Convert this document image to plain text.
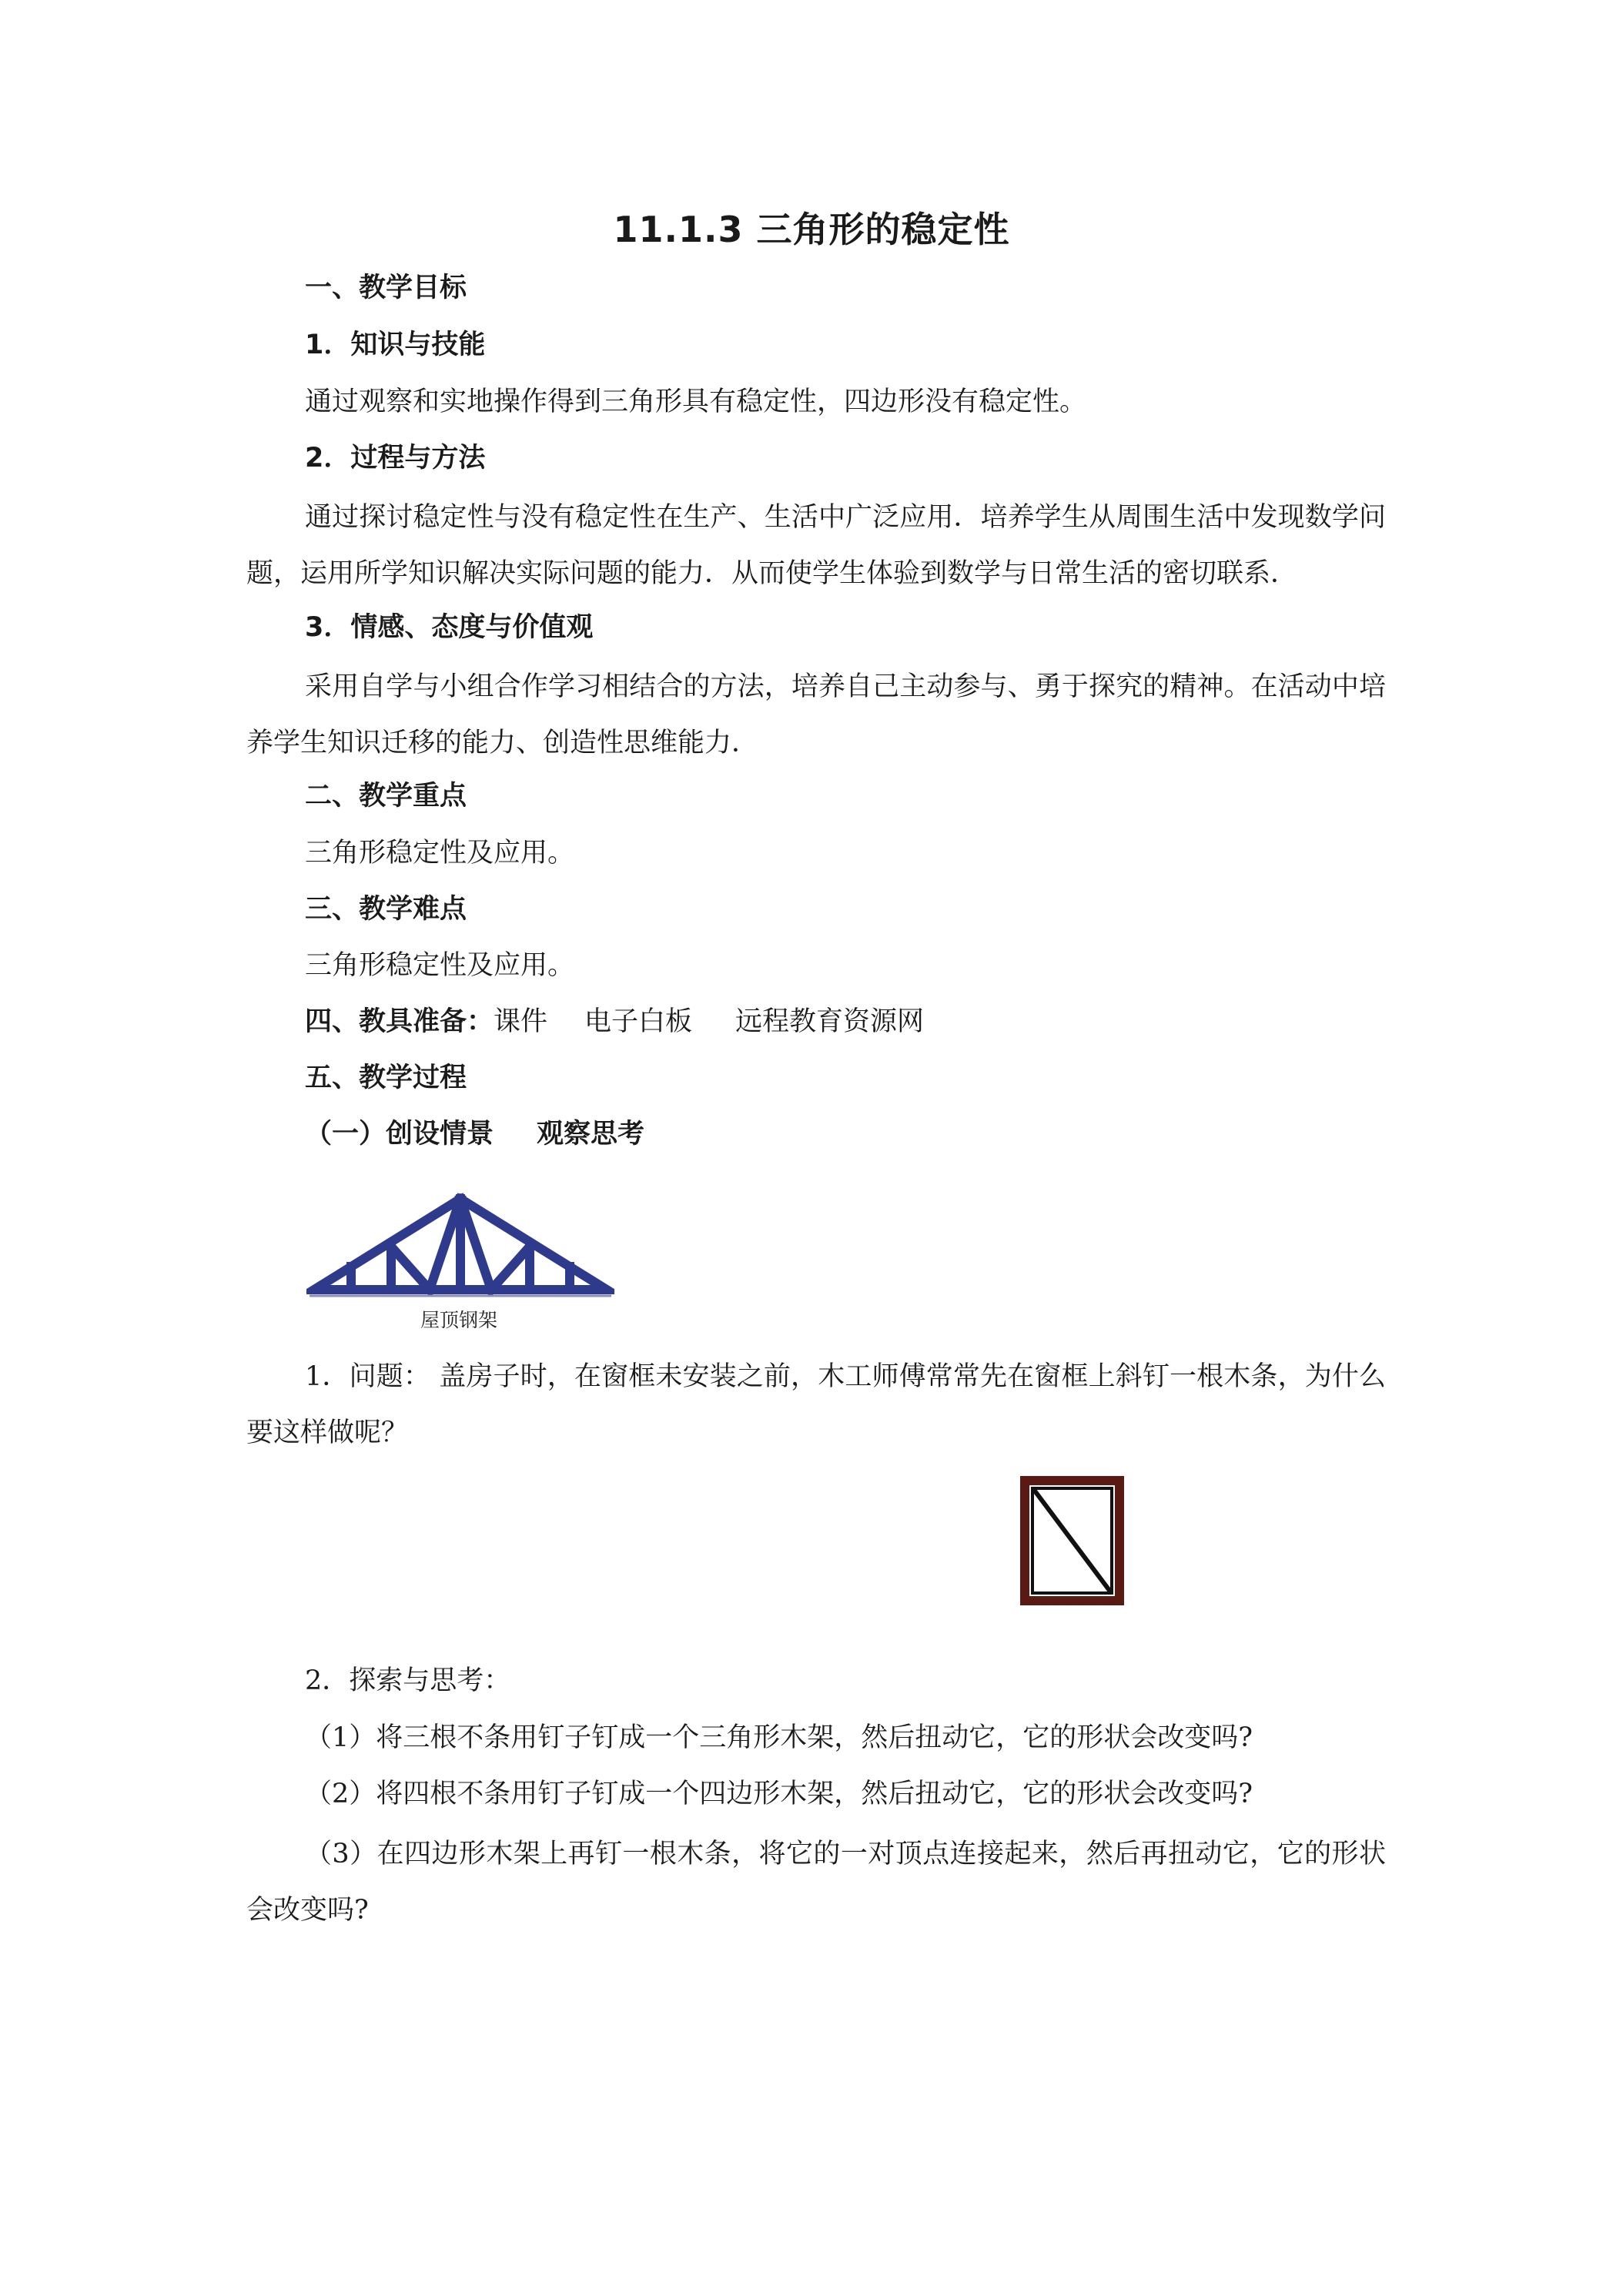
11.1.3 三角形的稳定性
一、教学目标
1．知识与技能
通过观察和实地操作得到三角形具有稳定性，四边形没有稳定性。
2．过程与方法
通过探讨稳定性与没有稳定性在生产、生活中广泛应用．培养学生从周围生活中发现数学问题，运用所学知识解决实际问题的能力．从而使学生体验到数学与日常生活的密切联系．
3．情感、态度与价值观
采用自学与小组合作学习相结合的方法，培养自己主动参与、勇于探究的精神。在活动中培养学生知识迁移的能力、创造性思维能力．
二、教学重点
三角形稳定性及应用。
三、教学难点
三角形稳定性及应用。
四、教具准备：课件 电子白板 远程教育资源网
五、教学过程
（一）创设情景 观察思考
屋顶钢架
1．问题： 盖房子时，在窗框未安装之前，木工师傅常常先在窗框上斜钉一根木条，为什么要这样做呢？
2．探索与思考：
（1）将三根不条用钉子钉成一个三角形木架，然后扭动它，它的形状会改变吗?
（2）将四根不条用钉子钉成一个四边形木架，然后扭动它，它的形状会改变吗?
（3）在四边形木架上再钉一根木条，将它的一对顶点连接起来，然后再扭动它，它的形状会改变吗?
